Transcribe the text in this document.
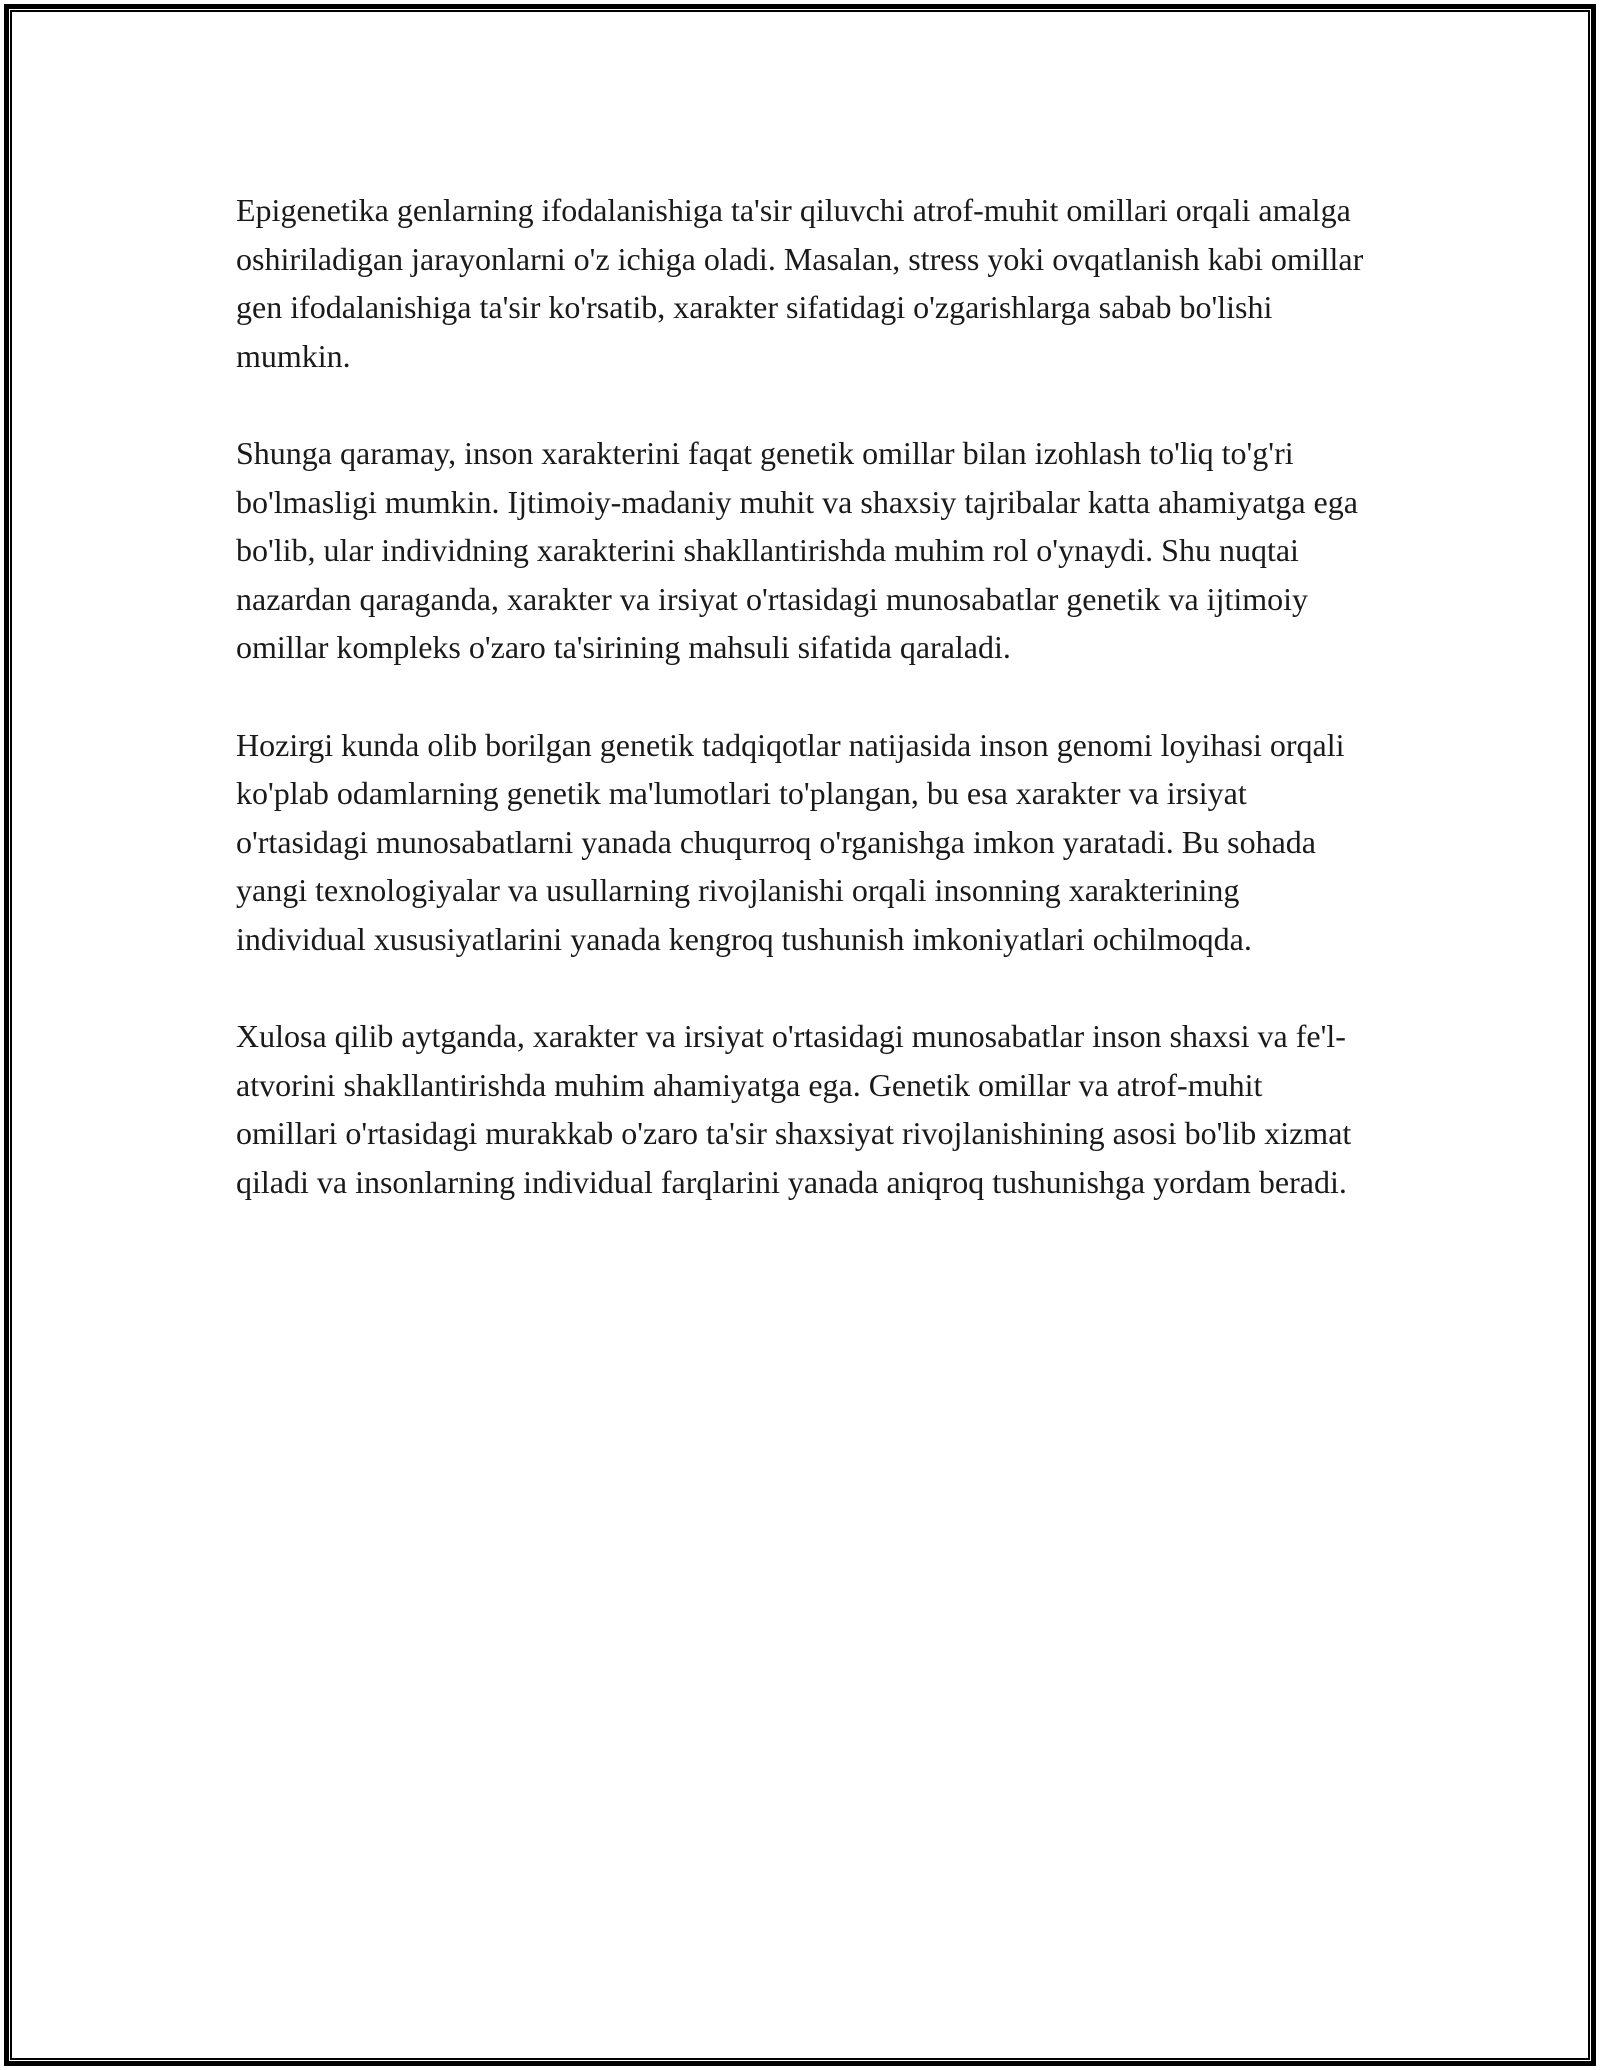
Epigenetika genlarning ifodalanishiga ta'sir qiluvchi atrof-muhit omillari orqali amalga oshiriladigan jarayonlarni o'z ichiga oladi. Masalan, stress yoki ovqatlanish kabi omillar gen ifodalanishiga ta'sir ko'rsatib, xarakter sifatidagi o'zgarishlarga sabab bo'lishi mumkin.

Shunga qaramay, inson xarakterini faqat genetik omillar bilan izohlash to'liq to'g'ri bo'lmasligi mumkin. Ijtimoiy-madaniy muhit va shaxsiy tajribalar katta ahamiyatga ega bo'lib, ular individning xarakterini shakllantirishda muhim rol o'ynaydi. Shu nuqtai nazardan qaraganda, xarakter va irsiyat o'rtasidagi munosabatlar genetik va ijtimoiy omillar kompleks o'zaro ta'sirining mahsuli sifatida qaraladi.

Hozirgi kunda olib borilgan genetik tadqiqotlar natijasida inson genomi loyihasi orqali ko'plab odamlarning genetik ma'lumotlari to'plangan, bu esa xarakter va irsiyat o'rtasidagi munosabatlarni yanada chuqurroq o'rganishga imkon yaratadi. Bu sohada yangi texnologiyalar va usullarning rivojlanishi orqali insonning xarakterining individual xususiyatlarini yanada kengroq tushunish imkoniyatlari ochilmoqda.

Xulosa qilib aytganda, xarakter va irsiyat o'rtasidagi munosabatlar inson shaxsi va fe'l-atvorini shakllantirishda muhim ahamiyatga ega. Genetik omillar va atrof-muhit omillari o'rtasidagi murakkab o'zaro ta'sir shaxsiyat rivojlanishining asosi bo'lib xizmat qiladi va insonlarning individual farqlarini yanada aniqroq tushunishga yordam beradi.
